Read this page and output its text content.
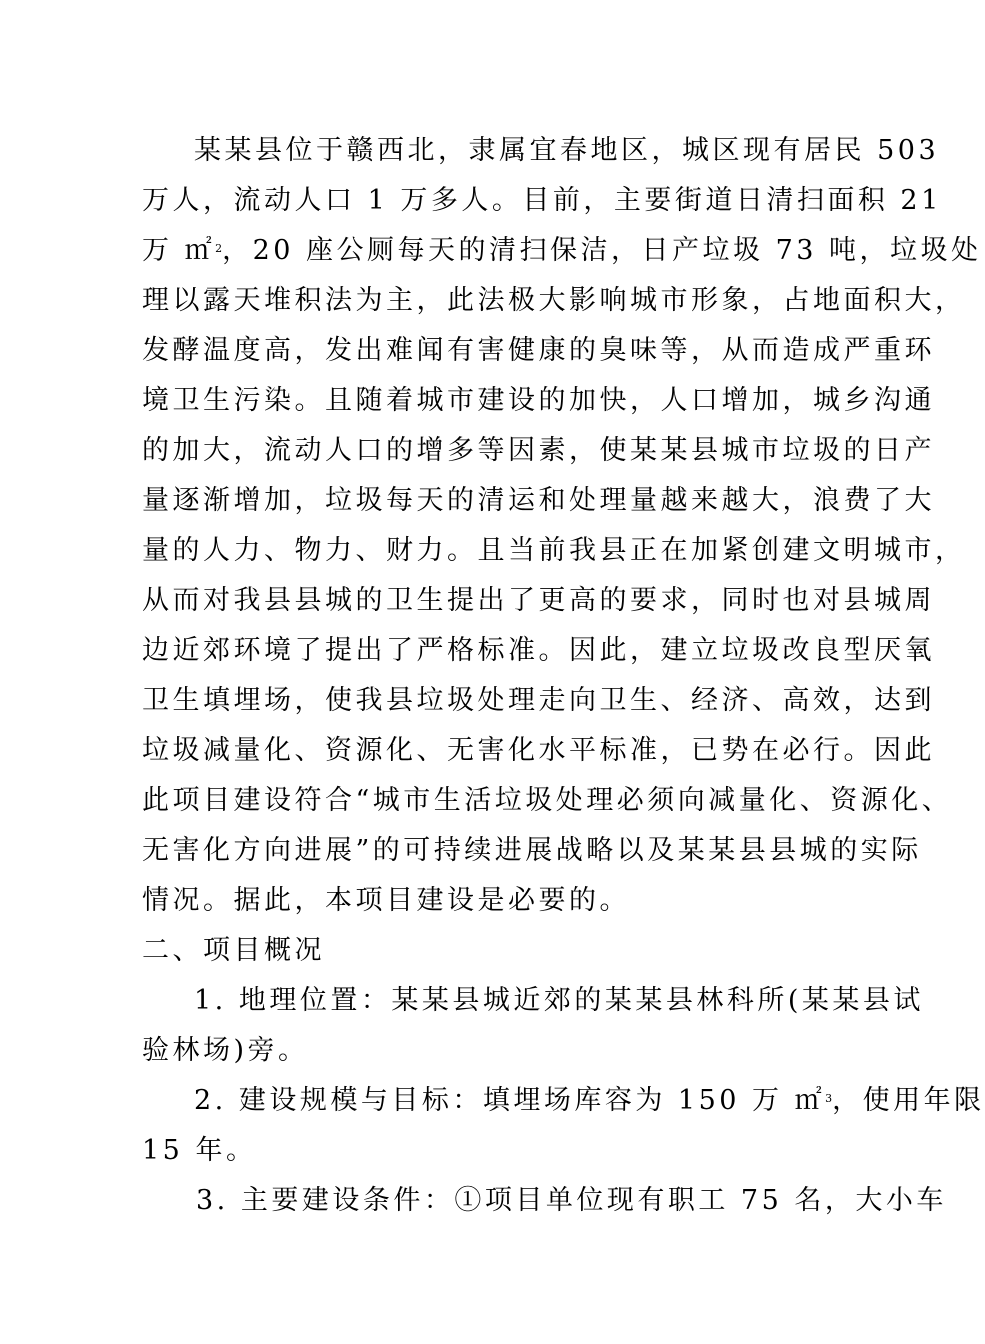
某某县位于赣西北，隶属宜春地区，城区现有居民 503
万人，流动人口 1 万多人。目前，主要街道日清扫面积 21
万 ㎡$^2$，20 座公厕每天的清扫保洁，日产垃圾 73 吨，垃圾处
理以露天堆积法为主，此法极大影响城市形象，占地面积大，
发酵温度高，发出难闻有害健康的臭味等，从而造成严重环
境卫生污染。且随着城市建设的加快，人口增加，城乡沟通
的加大，流动人口的增多等因素，使某某县城市垃圾的日产
量逐渐增加，垃圾每天的清运和处理量越来越大，浪费了大
量的人力、物力、财力。且当前我县正在加紧创建文明城市，
从而对我县县城的卫生提出了更高的要求，同时也对县城周
边近郊环境了提出了严格标准。因此，建立垃圾改良型厌氧
卫生填埋场，使我县垃圾处理走向卫生、经济、高效，达到
垃圾减量化、资源化、无害化水平标准，已势在必行。因此
此项目建设符合“城市生活垃圾处理必须向减量化、资源化、
无害化方向进展”的可持续进展战略以及某某县县城的实际
情况。据此，本项目建设是必要的。
二、项目概况
1. 地理位置：某某县城近郊的某某县林科所(某某县试
验林场)旁。
2. 建设规模与目标：填埋场库容为 150 万 ㎡$^3$，使用年限
15 年。
3. 主要建设条件：①项目单位现有职工 75 名，大小车
